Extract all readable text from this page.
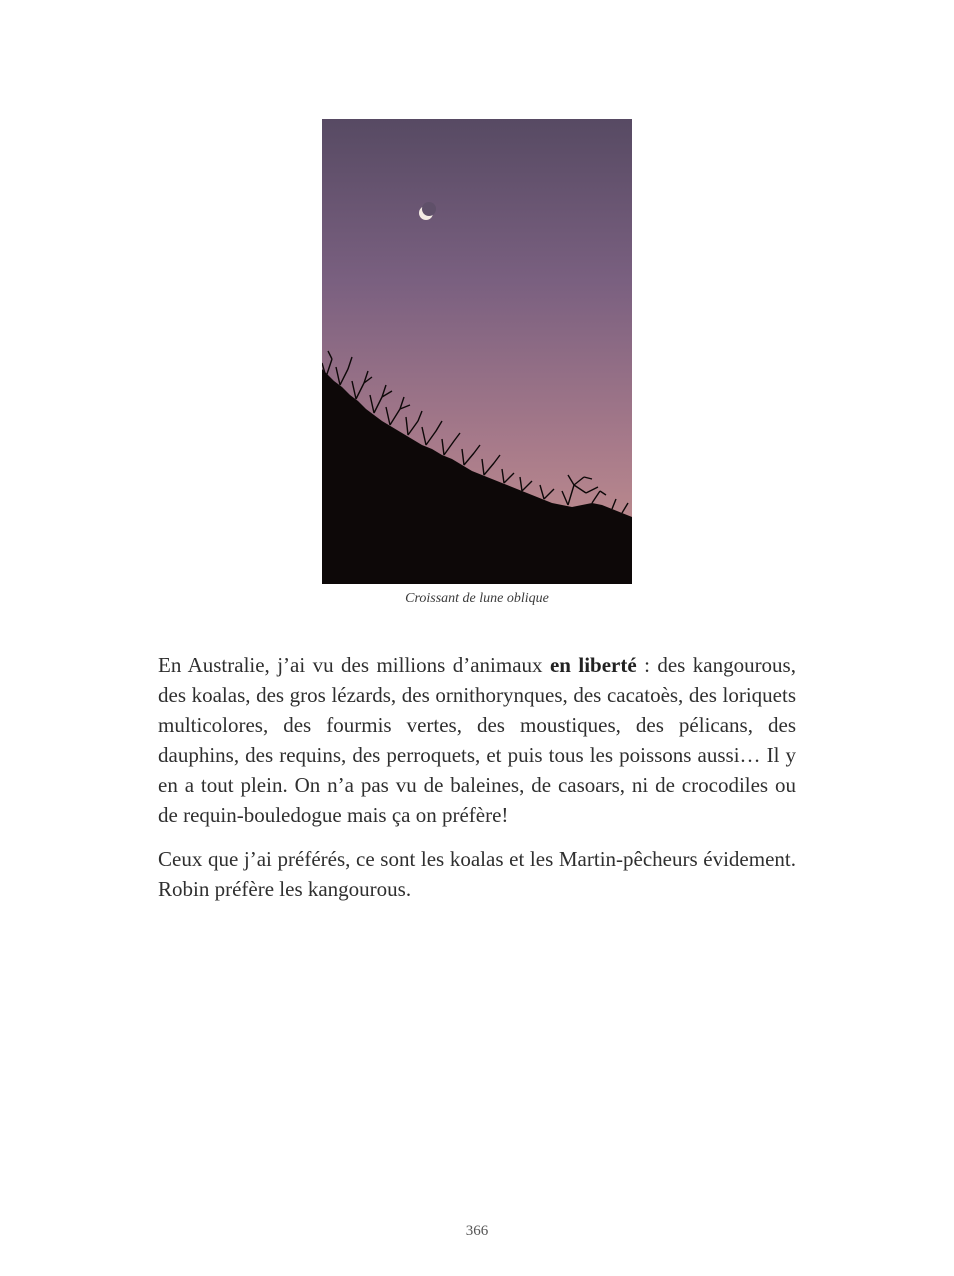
Croissant de lune oblique

En Australie, j’ai vu des millions d’animaux en liberté : des kangourous, des koalas, des gros lézards, des ornithorynques, des cacatoès, des loriquets multicolores, des fourmis vertes, des moustiques, des pélicans, des dauphins, des requins, des perroquets, et puis tous les poissons aussi… Il y en a tout plein. On n’a pas vu de baleines, de casoars, ni de crocodiles ou de requin-bouledogue mais ça on préfère!

Ceux que j’ai préférés, ce sont les koalas et les Martin-pêcheurs évidement. Robin préfère les kangourous.

366
